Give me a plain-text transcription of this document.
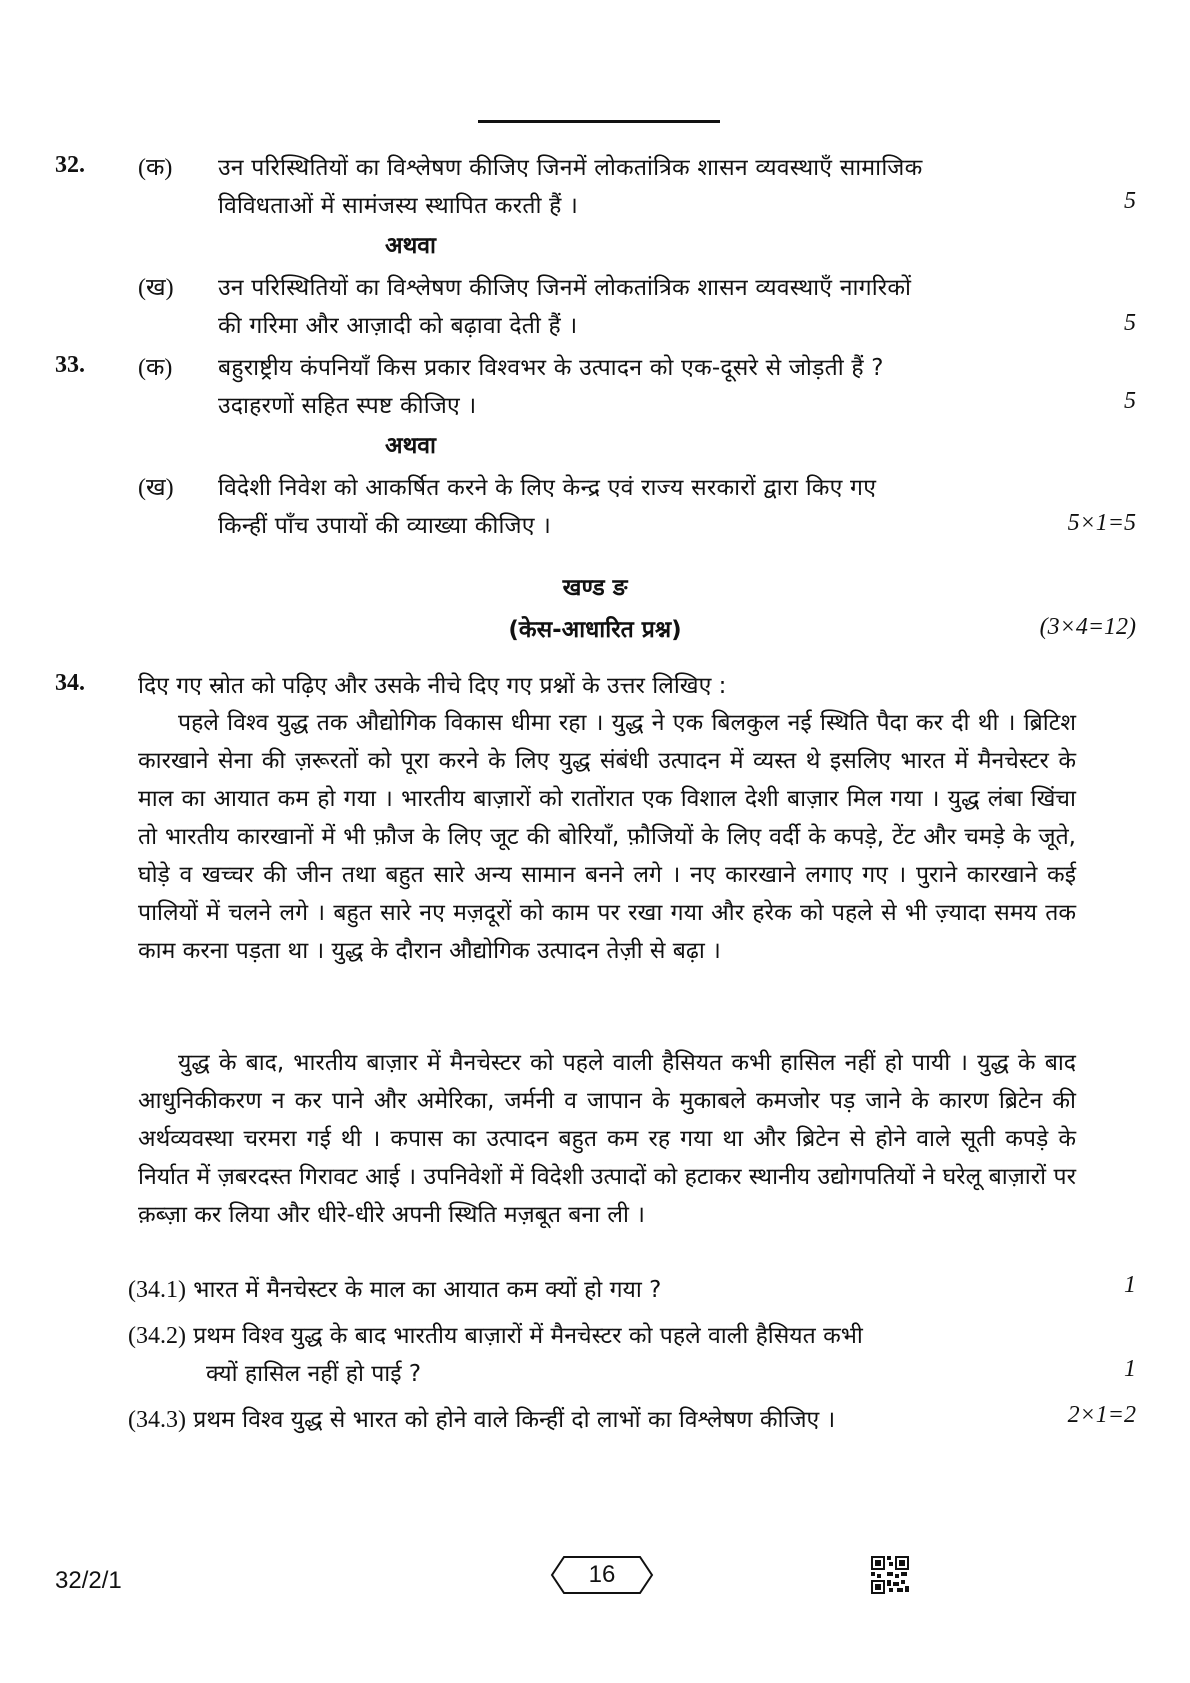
32. (क) उन परिस्थितियों का विश्लेषण कीजिए जिनमें लोकतांत्रिक शासन व्यवस्थाएँ सामाजिक
विविधताओं में सामंजस्य स्थापित करती हैं ।	5
अथवा
(ख) उन परिस्थितियों का विश्लेषण कीजिए जिनमें लोकतांत्रिक शासन व्यवस्थाएँ नागरिकों
की गरिमा और आज़ादी को बढ़ावा देती हैं ।	5
33. (क) बहुराष्ट्रीय कंपनियाँ किस प्रकार विश्वभर के उत्पादन को एक-दूसरे से जोड़ती हैं ?
उदाहरणों सहित स्पष्ट कीजिए ।	5
अथवा
(ख) विदेशी निवेश को आकर्षित करने के लिए केन्द्र एवं राज्य सरकारों द्वारा किए गए
किन्हीं पाँच उपायों की व्याख्या कीजिए ।	5×1=5
खण्ड ङ
(केस-आधारित प्रश्न)	(3×4=12)
34. दिए गए स्रोत को पढ़िए और उसके नीचे दिए गए प्रश्नों के उत्तर लिखिए :
पहले विश्व युद्ध तक औद्योगिक विकास धीमा रहा । युद्ध ने एक बिलकुल नई स्थिति पैदा कर दी थी । ब्रिटिश कारखाने सेना की ज़रूरतों को पूरा करने के लिए युद्ध संबंधी उत्पादन में व्यस्त थे इसलिए भारत में मैनचेस्टर के माल का आयात कम हो गया । भारतीय बाज़ारों को रातोंरात एक विशाल देशी बाज़ार मिल गया । युद्ध लंबा खिंचा तो भारतीय कारखानों में भी फ़ौज के लिए जूट की बोरियाँ, फ़ौजियों के लिए वर्दी के कपड़े, टेंट और चमड़े के जूते, घोड़े व खच्चर की जीन तथा बहुत सारे अन्य सामान बनने लगे । नए कारखाने लगाए गए । पुराने कारखाने कई पालियों में चलने लगे । बहुत सारे नए मज़दूरों को काम पर रखा गया और हरेक को पहले से भी ज़्यादा समय तक काम करना पड़ता था । युद्ध के दौरान औद्योगिक उत्पादन तेज़ी से बढ़ा ।
युद्ध के बाद, भारतीय बाज़ार में मैनचेस्टर को पहले वाली हैसियत कभी हासिल नहीं हो पायी । युद्ध के बाद आधुनिकीकरण न कर पाने और अमेरिका, जर्मनी व जापान के मुकाबले कमजोर पड़ जाने के कारण ब्रिटेन की अर्थव्यवस्था चरमरा गई थी । कपास का उत्पादन बहुत कम रह गया था और ब्रिटेन से होने वाले सूती कपड़े के निर्यात में ज़बरदस्त गिरावट आई । उपनिवेशों में विदेशी उत्पादों को हटाकर स्थानीय उद्योगपतियों ने घरेलू बाज़ारों पर क़ब्ज़ा कर लिया और धीरे-धीरे अपनी स्थिति मज़बूत बना ली ।
(34.1) भारत में मैनचेस्टर के माल का आयात कम क्यों हो गया ?	1
(34.2) प्रथम विश्व युद्ध के बाद भारतीय बाज़ारों में मैनचेस्टर को पहले वाली हैसियत कभी
क्यों हासिल नहीं हो पाई ?	1
(34.3) प्रथम विश्व युद्ध से भारत को होने वाले किन्हीं दो लाभों का विश्लेषण कीजिए ।	2×1=2
32/2/1	16
